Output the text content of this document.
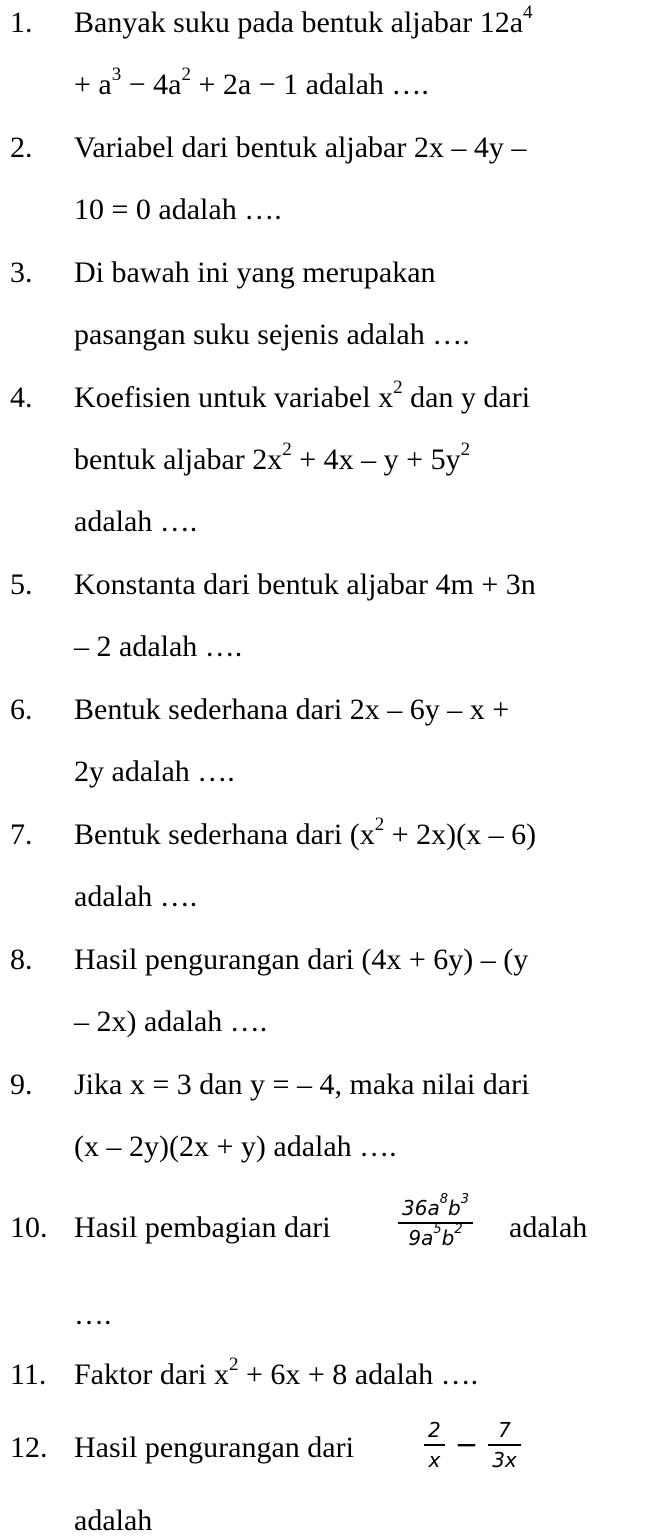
1. Banyak suku pada bentuk aljabar $12a^4$
+ $a^3 - 4a^2 + 2a - 1$ adalah ….
2. Variabel dari bentuk aljabar 2x – 4y –
10 = 0 adalah ….
3. Di bawah ini yang merupakan
pasangan suku sejenis adalah ….
4. Koefisien untuk variabel $x^2$ dan y dari
bentuk aljabar $2x^2 + 4x - y + 5y^2$
adalah ….
5. Konstanta dari bentuk aljabar 4m + 3n
– 2 adalah ….
6. Bentuk sederhana dari 2x – 6y – x +
2y adalah ….
7. Bentuk sederhana dari $(x^2 + 2x)(x - 6)$
adalah ….
8. Hasil pengurangan dari (4x + 6y) – (y
– 2x) adalah ….
9. Jika x = 3 dan y = – 4, maka nilai dari
(x – 2y)(2x + y) adalah ….
10. Hasil pembagian dari	$\frac{36a^8b^3}{9a^5b^2}$ adalah
….
11. Faktor dari $x^2 + 6x + 8$ adalah ….
12. Hasil pengurangan dari	$\frac{2}{x} - \frac{7}{3x}$
adalah
